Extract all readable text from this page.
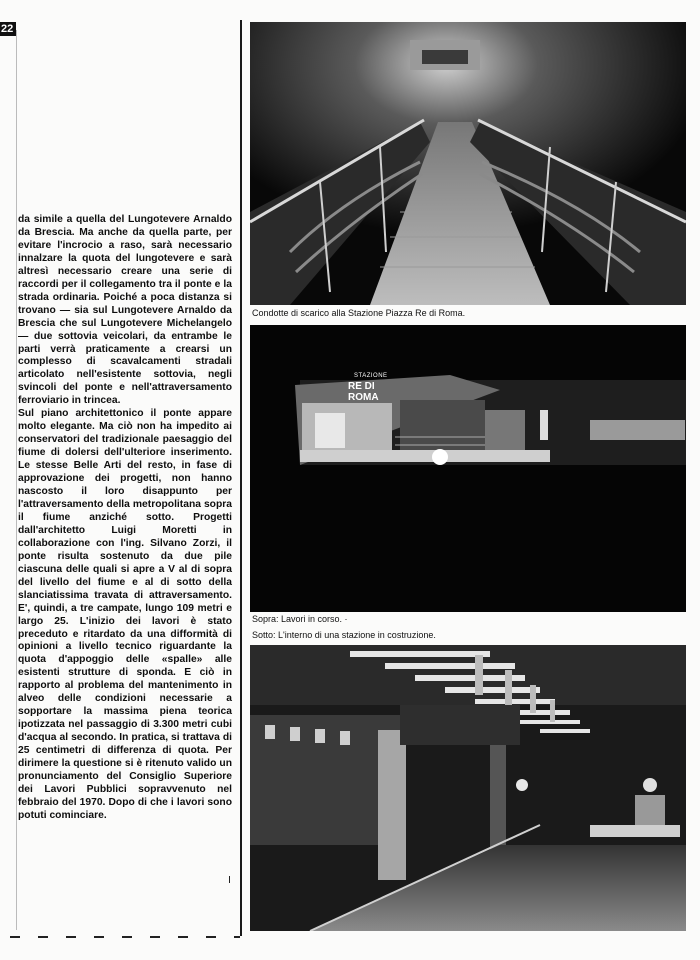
22

da simile a quella del Lungotevere Arnaldo da Brescia. Ma anche da quella parte, per evitare l'incrocio a raso, sarà necessario innalzare la quota del lungotevere e sarà altresì necessario creare una serie di raccordi per il collegamento tra il ponte e la strada ordinaria. Poiché a poca distanza si trovano — sia sul Lungotevere Arnaldo da Brescia che sul Lungotevere Michelangelo — due sottovia veicolari, da entrambe le parti verrà praticamente a crearsi un complesso di scavalcamenti stradali articolato nell'esistente sottovia, negli svincoli del ponte e nell'attraversamento ferroviario in trincea.

Sul piano architettonico il ponte appare molto elegante. Ma ciò non ha impedito ai conservatori del tradizionale paesaggio del fiume di dolersi dell'ulteriore inserimento. Le stesse Belle Arti del resto, in fase di approvazione dei progetti, non hanno nascosto il loro disappunto per l'attraversamento della metropolitana sopra il fiume anziché sotto. Progetti dall'architetto Luigi Moretti in collaborazione con l'ing. Silvano Zorzi, il ponte risulta sostenuto da due pile ciascuna delle quali si apre a V al di sopra del livello del fiume e al di sotto della slanciatissima travata di attraversamento. E', quindi, a tre campate, lungo 109 metri e largo 25. L'inizio dei lavori è stato preceduto e ritardato da una difformità di opinioni a livello tecnico riguardante la quota d'appoggio delle «spalle» alle esistenti strutture di sponda. E ciò in rapporto al problema del mantenimento in alveo delle condizioni necessarie a sopportare la massima piena teorica ipotizzata nel passaggio di 3.300 metri cubi d'acqua al secondo. In pratica, si trattava di 25 centimetri di differenza di quota. Per dirimere la questione si è ritenuto valido un pronunciamento del Consiglio Superiore dei Lavori Pubblici sopravvenuto nel febbraio del 1970. Dopo di che i lavori sono potuti cominciare.

Condotte di scarico alla Stazione Piazza Re di Roma.
STAZIONE
RE DI ROMA
Sopra: Lavori in corso. ·
Sotto: L'interno di una stazione in costruzione.
